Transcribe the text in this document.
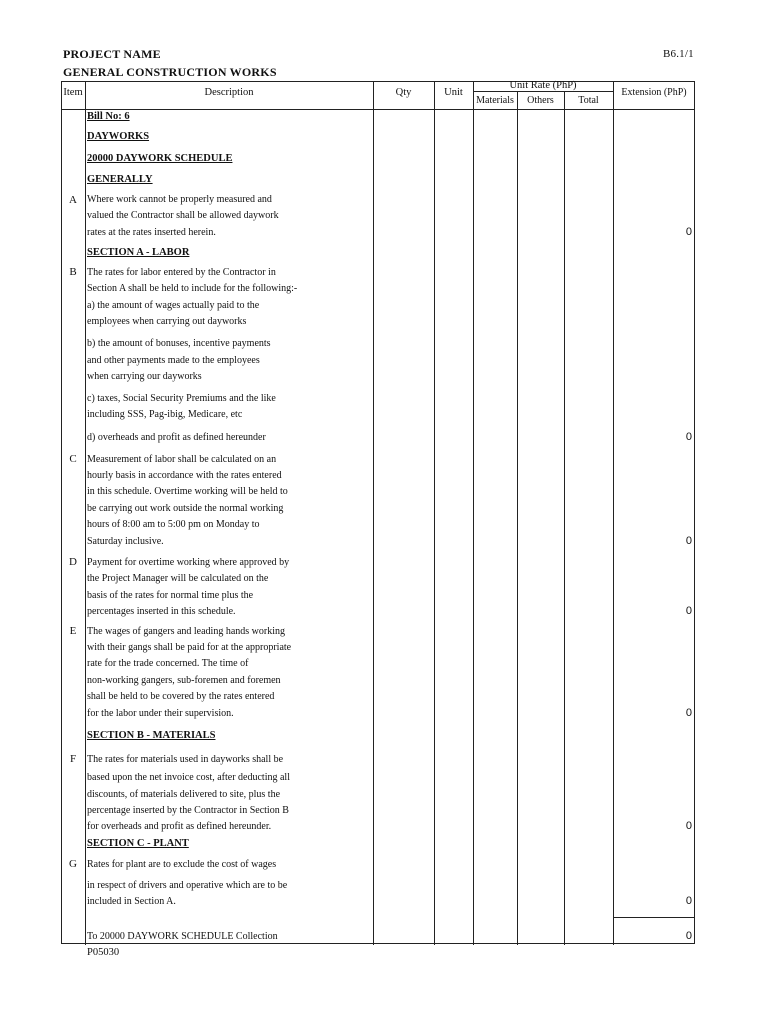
PROJECT NAME
GENERAL CONSTRUCTION WORKS
B6.1/1
Item	Description	Qty	Unit
Unit Rate (PhP)
Materials	Others	Total
Extension (PhP)
Bill No: 6
DAYWORKS
20000 DAYWORK SCHEDULE
GENERALLY
A	Where work cannot be properly measured and
valued the Contractor shall be allowed daywork
rates at the rates inserted herein.	0
SECTION A - LABOR
B	The rates for labor entered by the Contractor in
Section A shall be held to include for the following:-
a) the amount of wages actually paid to the
employees when carrying out dayworks
b) the amount of bonuses, incentive payments
and other payments made to the employees
when carrying our dayworks
c) taxes, Social Security Premiums and the like
including SSS, Pag-ibig, Medicare, etc
d) overheads and profit as defined hereunder	0
C	Measurement of labor shall be calculated on an
hourly basis in accordance with the rates entered
in this schedule. Overtime working will be held to
be carrying out work outside the normal working
hours of 8:00 am to 5:00 pm on Monday to
Saturday inclusive.	0
D	Payment for overtime working where approved by
the Project Manager will be calculated on the
basis of the rates for normal time plus the
percentages inserted in this schedule.	0
E	The wages of gangers and leading hands working
with their gangs shall be paid for at the appropriate
rate for the trade concerned. The time of
non-working gangers, sub-foremen and foremen
shall be held to be covered by the rates entered
for the labor under their supervision.	0
SECTION B - MATERIALS
F	The rates for materials used in dayworks shall be
based upon the net invoice cost, after deducting all
discounts, of materials delivered to site, plus the
percentage inserted by the Contractor in Section B
for overheads and profit as defined hereunder.	0
SECTION C - PLANT
G	Rates for plant are to exclude the cost of wages
in respect of drivers and operative which are to be
included in Section A.	0
To 20000 DAYWORK SCHEDULE Collection	0
P05030
